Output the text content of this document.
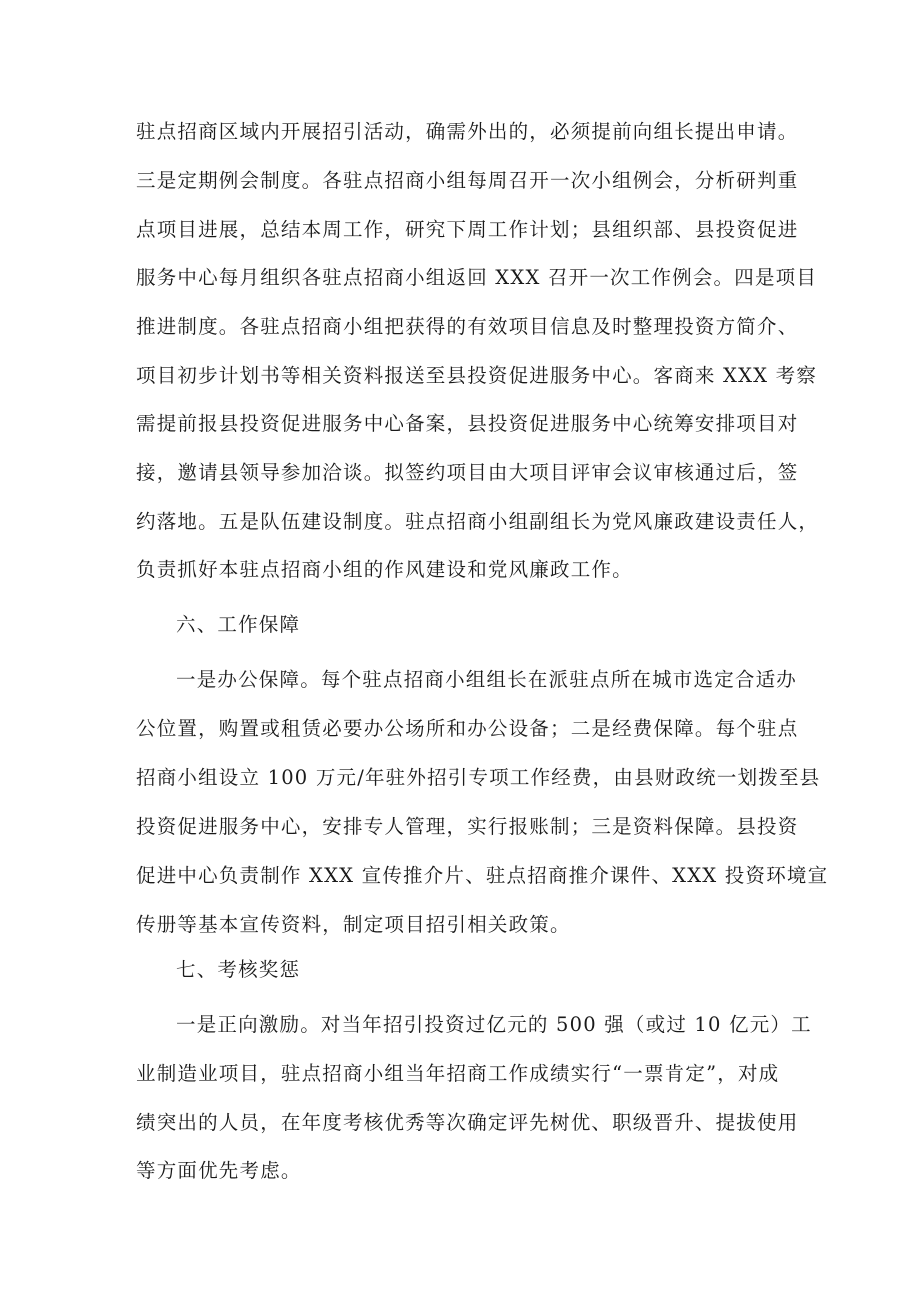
驻点招商区域内开展招引活动，确需外出的，必须提前向组长提出申请。
三是定期例会制度。各驻点招商小组每周召开一次小组例会，分析研判重
点项目进展，总结本周工作，研究下周工作计划；县组织部、县投资促进
服务中心每月组织各驻点招商小组返回 XXX 召开一次工作例会。四是项目
推进制度。各驻点招商小组把获得的有效项目信息及时整理投资方简介、
项目初步计划书等相关资料报送至县投资促进服务中心。客商来 XXX 考察
需提前报县投资促进服务中心备案，县投资促进服务中心统筹安排项目对
接，邀请县领导参加洽谈。拟签约项目由大项目评审会议审核通过后，签
约落地。五是队伍建设制度。驻点招商小组副组长为党风廉政建设责任人，
负责抓好本驻点招商小组的作风建设和党风廉政工作。
六、工作保障
一是办公保障。每个驻点招商小组组长在派驻点所在城市选定合适办
公位置，购置或租赁必要办公场所和办公设备；二是经费保障。每个驻点
招商小组设立 100 万元/年驻外招引专项工作经费，由县财政统一划拨至县
投资促进服务中心，安排专人管理，实行报账制；三是资料保障。县投资
促进中心负责制作 XXX 宣传推介片、驻点招商推介课件、XXX 投资环境宣
传册等基本宣传资料，制定项目招引相关政策。
七、考核奖惩
一是正向激励。对当年招引投资过亿元的 500 强（或过 10 亿元）工
业制造业项目，驻点招商小组当年招商工作成绩实行“一票肯定”，对成
绩突出的人员，在年度考核优秀等次确定评先树优、职级晋升、提拔使用
等方面优先考虑。
